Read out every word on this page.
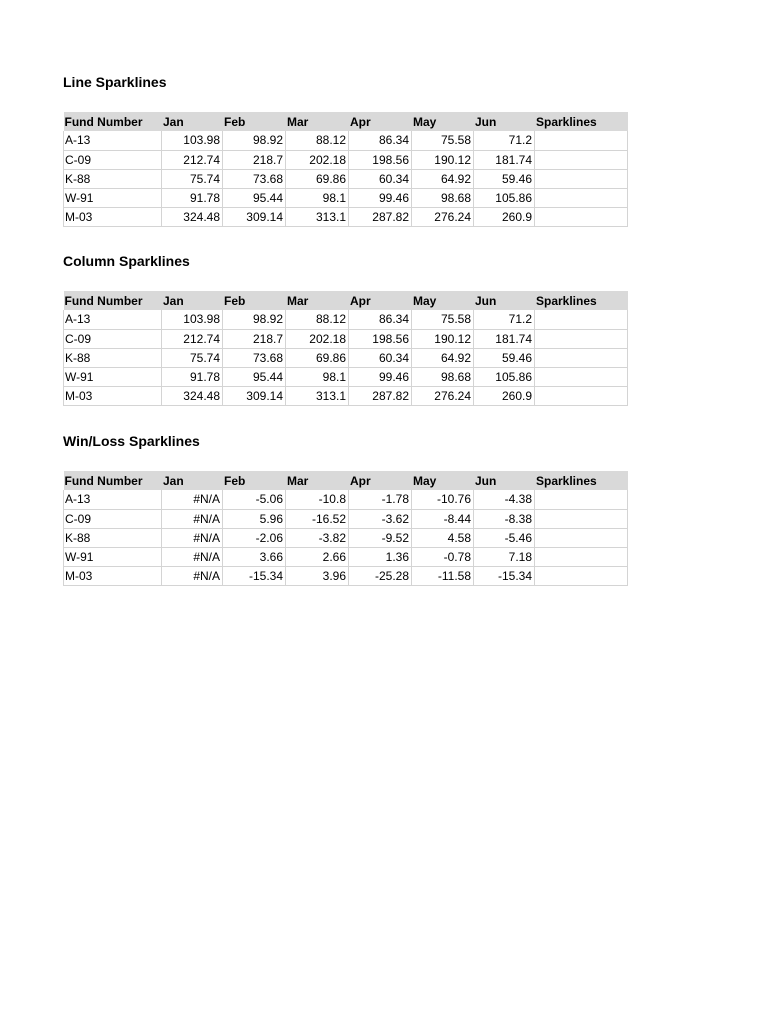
Line Sparklines
Fund Number	Jan	Feb	Mar	Apr	May	Jun	Sparklines
A-13	103.98	98.92	88.12	86.34	75.58	71.2	
C-09	212.74	218.7	202.18	198.56	190.12	181.74	
K-88	75.74	73.68	69.86	60.34	64.92	59.46	
W-91	91.78	95.44	98.1	99.46	98.68	105.86	
M-03	324.48	309.14	313.1	287.82	276.24	260.9	
Column Sparklines
Fund Number	Jan	Feb	Mar	Apr	May	Jun	Sparklines
A-13	103.98	98.92	88.12	86.34	75.58	71.2	
C-09	212.74	218.7	202.18	198.56	190.12	181.74	
K-88	75.74	73.68	69.86	60.34	64.92	59.46	
W-91	91.78	95.44	98.1	99.46	98.68	105.86	
M-03	324.48	309.14	313.1	287.82	276.24	260.9	
Win/Loss Sparklines
Fund Number	Jan	Feb	Mar	Apr	May	Jun	Sparklines
A-13	#N/A	-5.06	-10.8	-1.78	-10.76	-4.38	
C-09	#N/A	5.96	-16.52	-3.62	-8.44	-8.38	
K-88	#N/A	-2.06	-3.82	-9.52	4.58	-5.46	
W-91	#N/A	3.66	2.66	1.36	-0.78	7.18	
M-03	#N/A	-15.34	3.96	-25.28	-11.58	-15.34	
